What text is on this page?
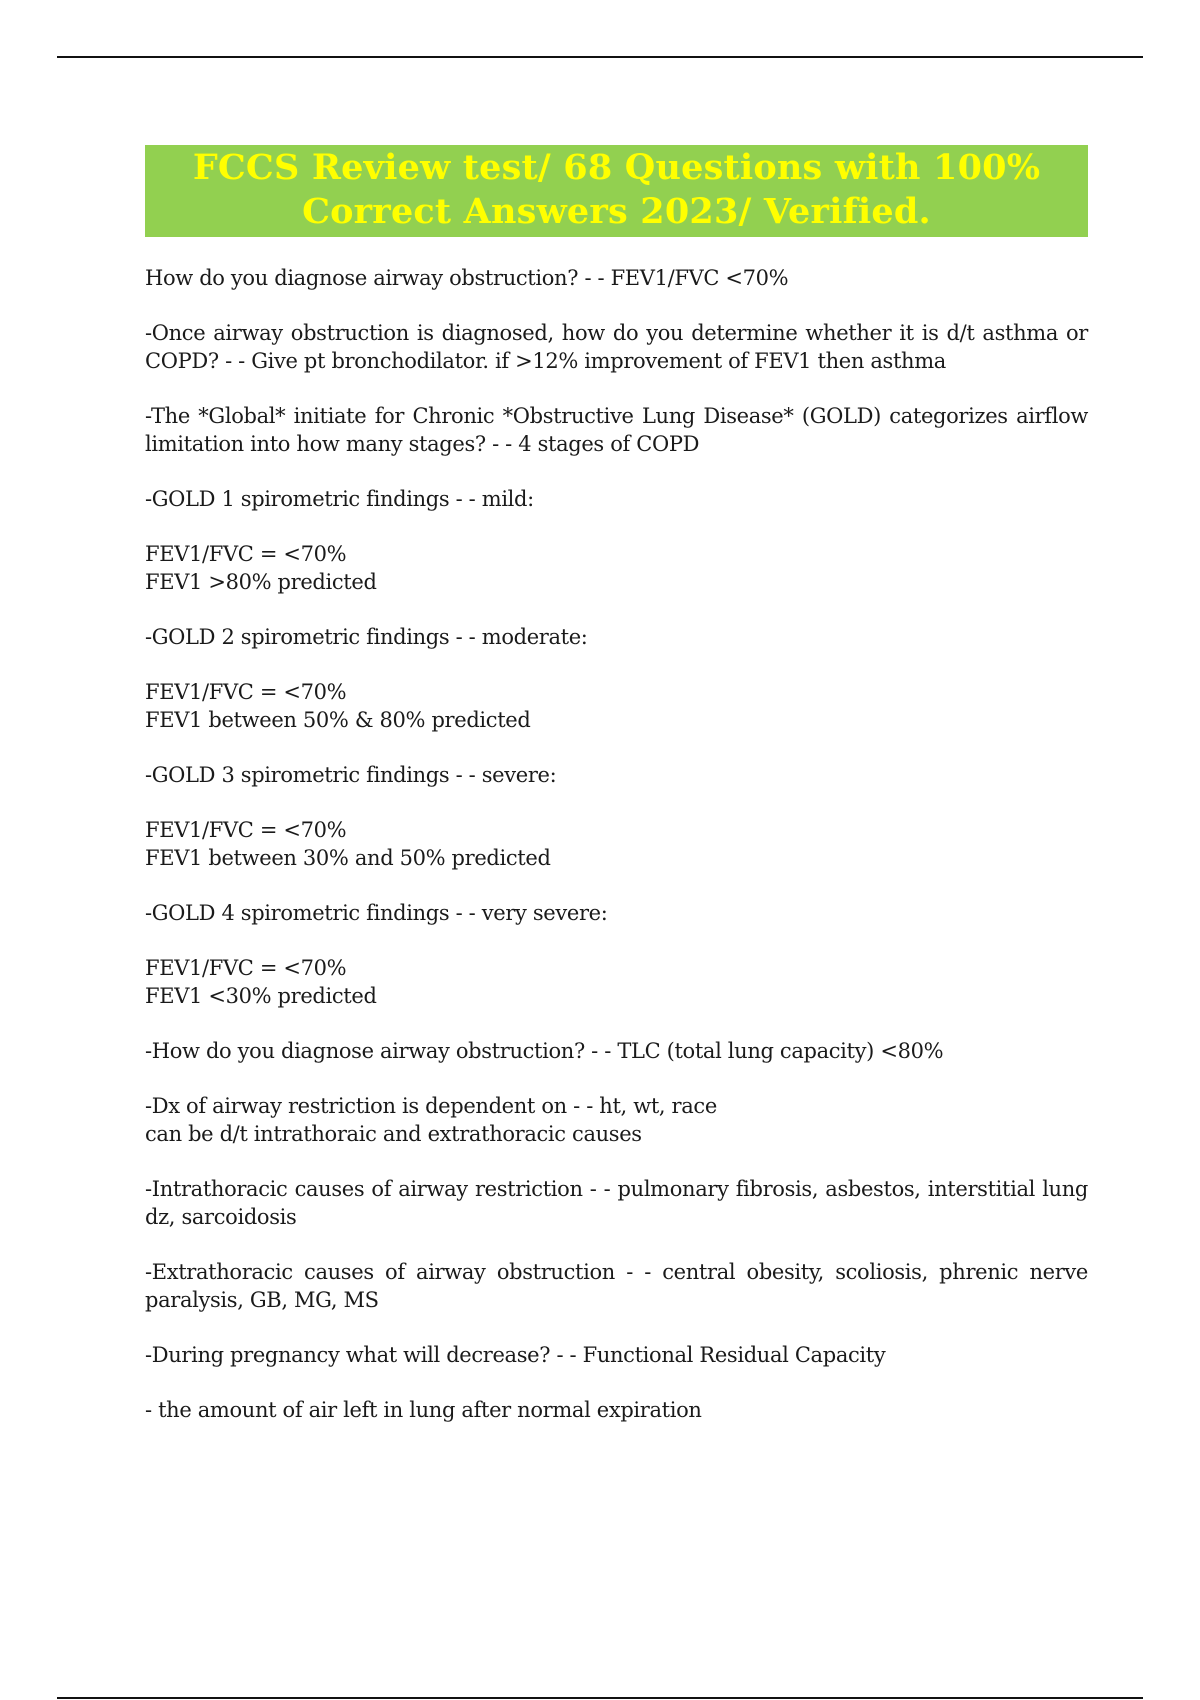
FCCS Review test/ 68 Questions with 100%
Correct Answers 2023/ Verified.

How do you diagnose airway obstruction? - - FEV1/FVC <70%

-Once airway obstruction is diagnosed, how do you determine whether it is d/t asthma or COPD? - - Give pt bronchodilator. if >12% improvement of FEV1 then asthma

-The *Global* initiate for Chronic *Obstructive Lung Disease* (GOLD) categorizes airflow limitation into how many stages? - - 4 stages of COPD

-GOLD 1 spirometric findings - - mild:

FEV1/FVC = <70%
FEV1 >80% predicted

-GOLD 2 spirometric findings - - moderate:

FEV1/FVC = <70%
FEV1 between 50% & 80% predicted

-GOLD 3 spirometric findings - - severe:

FEV1/FVC = <70%
FEV1 between 30% and 50% predicted

-GOLD 4 spirometric findings - - very severe:

FEV1/FVC = <70%
FEV1 <30% predicted

-How do you diagnose airway obstruction? - - TLC (total lung capacity) <80%

-Dx of airway restriction is dependent on - - ht, wt, race
can be d/t intrathoraic and extrathoracic causes

-Intrathoracic causes of airway restriction - - pulmonary fibrosis, asbestos, interstitial lung dz, sarcoidosis

-Extrathoracic causes of airway obstruction - - central obesity, scoliosis, phrenic nerve paralysis, GB, MG, MS

-During pregnancy what will decrease? - - Functional Residual Capacity

- the amount of air left in lung after normal expiration
